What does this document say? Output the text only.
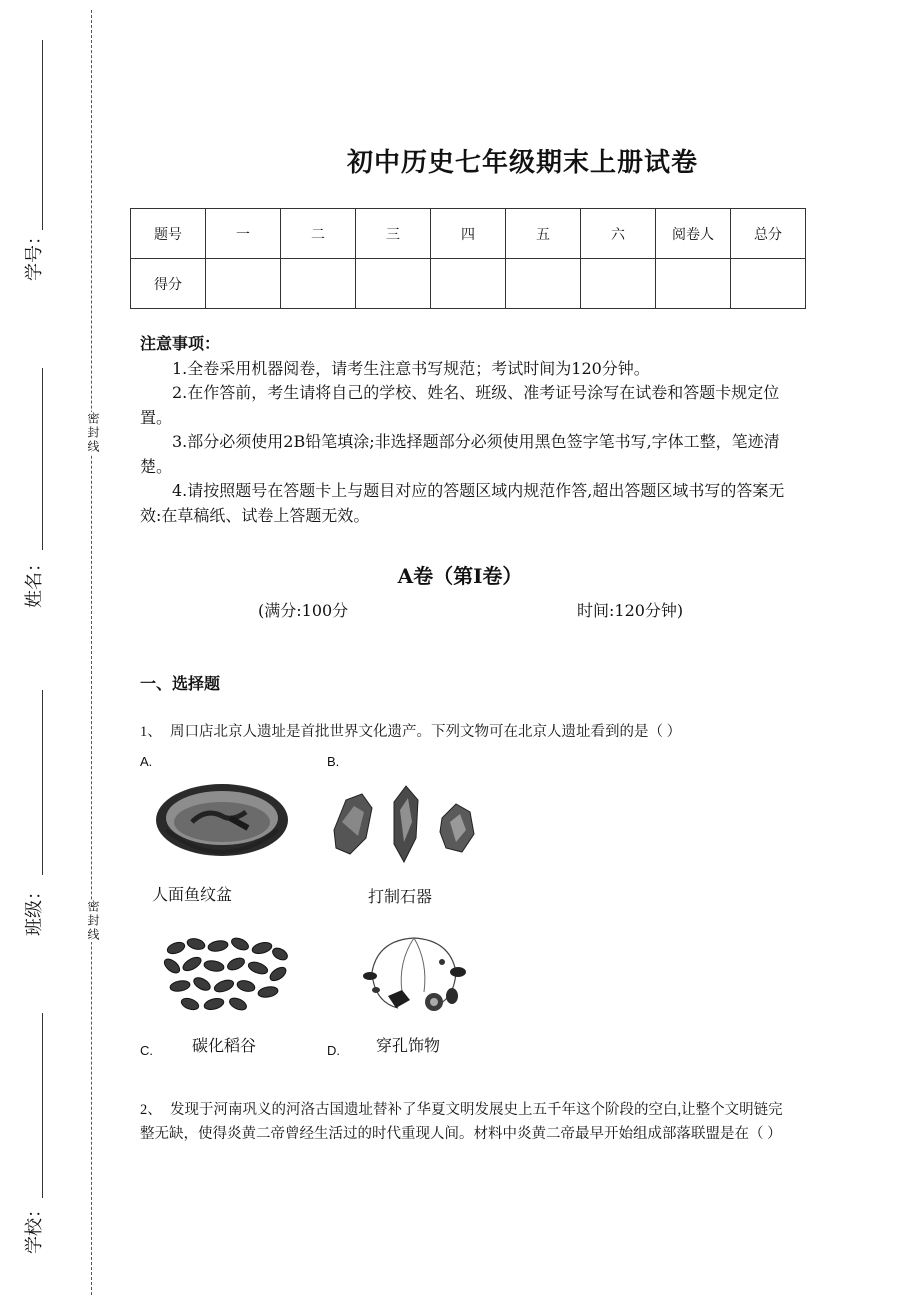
学号：
姓名：
班级：
学校：
密封线
密封线
初中历史七年级期末上册试卷
题号	一	二	三	四	五	六	阅卷人	总分
得分								
注意事项：

1.全卷采用机器阅卷，请考生注意书写规范；考试时间为120分钟。

2.在作答前，考生请将自己的学校、姓名、班级、准考证号涂写在试卷和答题卡规定位置。

3.部分必须使用2B铅笔填涂;非选择题部分必须使用黑色签字笔书写,字体工整，笔迹清楚。

4.请按照题号在答题卡上与题目对应的答题区域内规范作答,超出答题区域书写的答案无效:在草稿纸、试卷上答题无效。

A卷（第I卷）
(满分:100分	时间:120分钟)
一、选择题
1、 周口店北京人遗址是首批世界文化遗产。下列文物可在北京人遗址看到的是（ ）
A.	B.
C.	D.
人面鱼纹盆	打制石器
碳化稻谷	穿孔饰物
2、 发现于河南巩义的河洛古国遗址替补了华夏文明发展史上五千年这个阶段的空白,让整个文明链完整无缺，使得炎黄二帝曾经生活过的时代重现人间。材料中炎黄二帝最早开始组成部落联盟是在（ ）
